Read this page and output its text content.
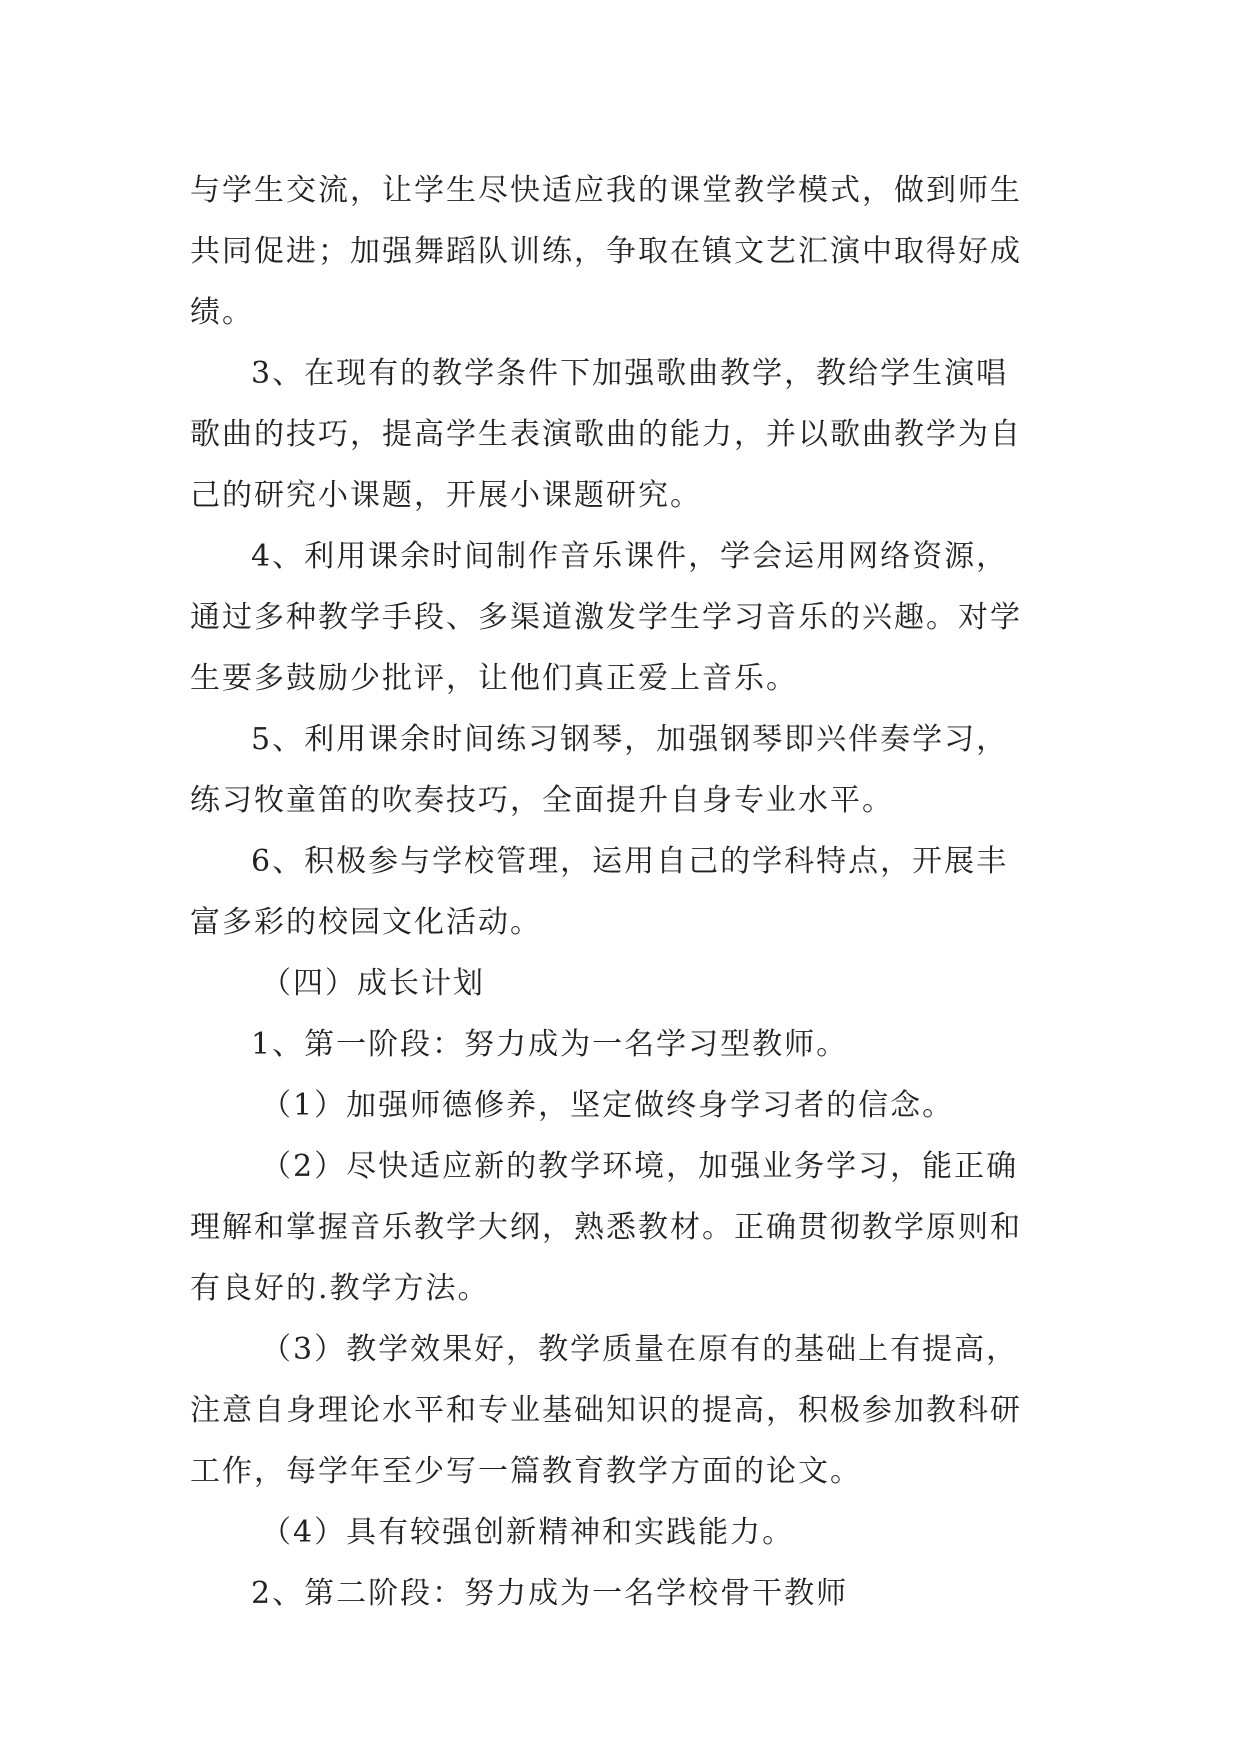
与学生交流，让学生尽快适应我的课堂教学模式，做到师生
共同促进；加强舞蹈队训练，争取在镇文艺汇演中取得好成
绩。

3、在现有的教学条件下加强歌曲教学，教给学生演唱
歌曲的技巧，提高学生表演歌曲的能力，并以歌曲教学为自
己的研究小课题，开展小课题研究。

4、利用课余时间制作音乐课件，学会运用网络资源，
通过多种教学手段、多渠道激发学生学习音乐的兴趣。对学
生要多鼓励少批评，让他们真正爱上音乐。

5、利用课余时间练习钢琴，加强钢琴即兴伴奏学习，
练习牧童笛的吹奏技巧，全面提升自身专业水平。

6、积极参与学校管理，运用自己的学科特点，开展丰
富多彩的校园文化活动。

（四）成长计划

1、第一阶段：努力成为一名学习型教师。

（1）加强师德修养，坚定做终身学习者的信念。

（2）尽快适应新的教学环境，加强业务学习，能正确
理解和掌握音乐教学大纲，熟悉教材。正确贯彻教学原则和
有良好的.教学方法。

（3）教学效果好，教学质量在原有的基础上有提高，
注意自身理论水平和专业基础知识的提高，积极参加教科研
工作，每学年至少写一篇教育教学方面的论文。

（4）具有较强创新精神和实践能力。

2、第二阶段：努力成为一名学校骨干教师
